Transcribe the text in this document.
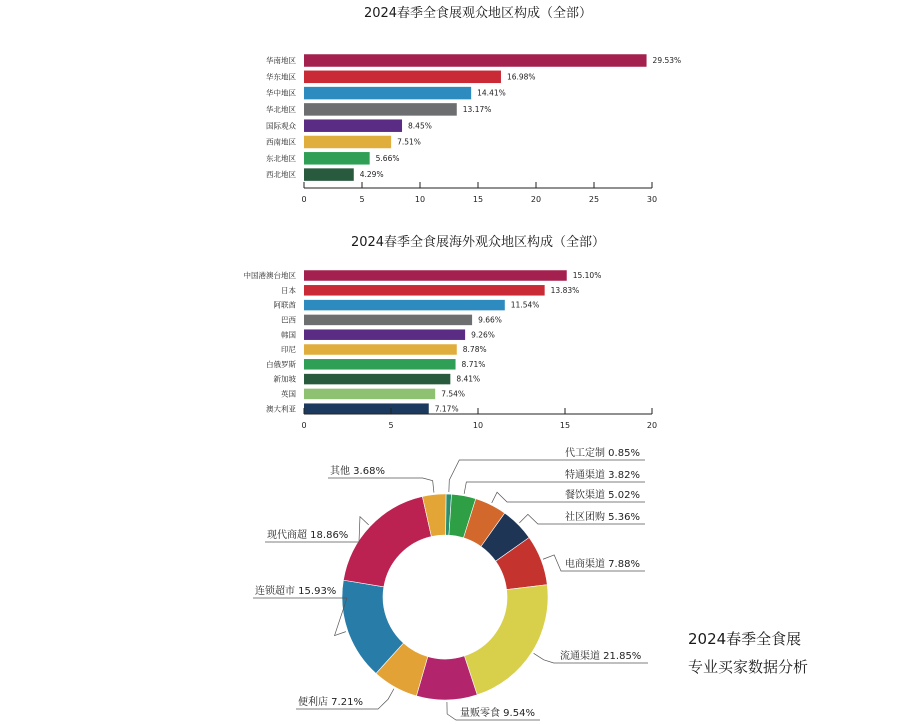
2024春季全食展观众地区构成（全部）
华南地区	29.53%
华东地区	16.98%
华中地区	14.41%
华北地区	13.17%
国际观众	8.45%
西南地区	7.51%
东北地区	5.66%
西北地区	4.29%
0	5	10	15	20	25	30
2024春季全食展海外观众地区构成（全部）
中国港澳台地区	15.10%
日本	13.83%
阿联酋	11.54%
巴西	9.66%
韩国	9.26%
印尼	8.78%
白俄罗斯	8.71%
新加坡	8.41%
英国	7.54%
澳大利亚	7.17%
0	5	10	15	20
代工定制 0.85%
特通渠道 3.82%
餐饮渠道 5.02%
社区团购 5.36%
电商渠道 7.88%
流通渠道 21.85%
量贩零食 9.54%
便利店 7.21%
连锁超市 15.93%
现代商超 18.86%
其他 3.68%
2024春季全食展
专业买家数据分析
